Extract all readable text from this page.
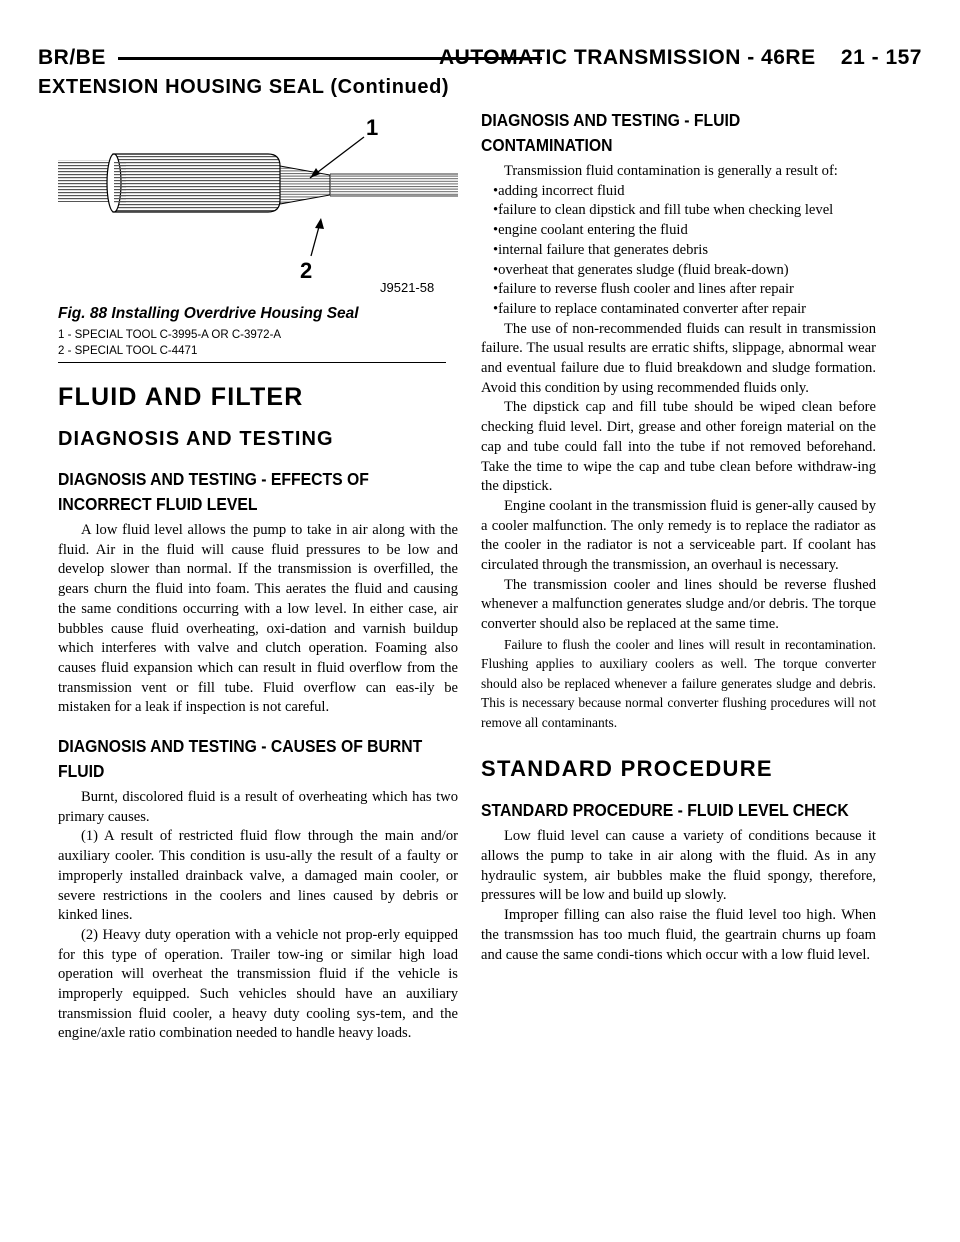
BR/BE	AUTOMATIC TRANSMISSION - 46RE    21 - 157
EXTENSION HOUSING SEAL (Continued)
1
2
J9521-58
Fig. 88 Installing Overdrive Housing Seal
1 - SPECIAL TOOL C-3995-A OR C-3972-A
2 - SPECIAL TOOL C-4471
FLUID AND FILTER
DIAGNOSIS AND TESTING
DIAGNOSIS AND TESTING - EFFECTS OF INCORRECT FLUID LEVEL

A low fluid level allows the pump to take in air along with the fluid. Air in the fluid will cause fluid pressures to be low and develop slower than normal. If the transmission is overfilled, the gears churn the fluid into foam. This aerates the fluid and causing the same conditions occurring with a low level. In either case, air bubbles cause fluid overheating, oxi-dation and varnish buildup which interferes with valve and clutch operation. Foaming also causes fluid expansion which can result in fluid overflow from the transmission vent or fill tube. Fluid overflow can eas-ily be mistaken for a leak if inspection is not careful.

DIAGNOSIS AND TESTING - CAUSES OF BURNT FLUID

Burnt, discolored fluid is a result of overheating which has two primary causes.

(1) A result of restricted fluid flow through the main and/or auxiliary cooler. This condition is usu-ally the result of a faulty or improperly installed drainback valve, a damaged main cooler, or severe restrictions in the coolers and lines caused by debris or kinked lines.

(2) Heavy duty operation with a vehicle not prop-erly equipped for this type of operation. Trailer tow-ing or similar high load operation will overheat the transmission fluid if the vehicle is improperly equipped. Such vehicles should have an auxiliary transmission fluid cooler, a heavy duty cooling sys-tem, and the engine/axle ratio combination needed to handle heavy loads.

DIAGNOSIS AND TESTING - FLUID CONTAMINATION

Transmission fluid contamination is generally a result of:

•adding incorrect fluid

•failure to clean dipstick and fill tube when checking level

•engine coolant entering the fluid

•internal failure that generates debris

•overheat that generates sludge (fluid break-down)

•failure to reverse flush cooler and lines after repair

•failure to replace contaminated converter after repair

The use of non-recommended fluids can result in transmission failure. The usual results are erratic shifts, slippage, abnormal wear and eventual failure due to fluid breakdown and sludge formation. Avoid this condition by using recommended fluids only.

The dipstick cap and fill tube should be wiped clean before checking fluid level. Dirt, grease and other foreign material on the cap and tube could fall into the tube if not removed beforehand. Take the time to wipe the cap and tube clean before withdraw-ing the dipstick.

Engine coolant in the transmission fluid is gener-ally caused by a cooler malfunction. The only remedy is to replace the radiator as the cooler in the radiator is not a serviceable part. If coolant has circulated through the transmission, an overhaul is necessary.

The transmission cooler and lines should be reverse flushed whenever a malfunction generates sludge and/or debris. The torque converter should also be replaced at the same time.

Failure to flush the cooler and lines will result in recontamination. Flushing applies to auxiliary coolers as well. The torque converter should also be replaced whenever a failure generates sludge and debris. This is necessary because normal converter flushing procedures will not remove all contaminants.

STANDARD PROCEDURE
STANDARD PROCEDURE - FLUID LEVEL CHECK

Low fluid level can cause a variety of conditions because it allows the pump to take in air along with the fluid. As in any hydraulic system, air bubbles make the fluid spongy, therefore, pressures will be low and build up slowly.

Improper filling can also raise the fluid level too high. When the transmssion has too much fluid, the geartrain churns up foam and cause the same condi-tions which occur with a low fluid level.
